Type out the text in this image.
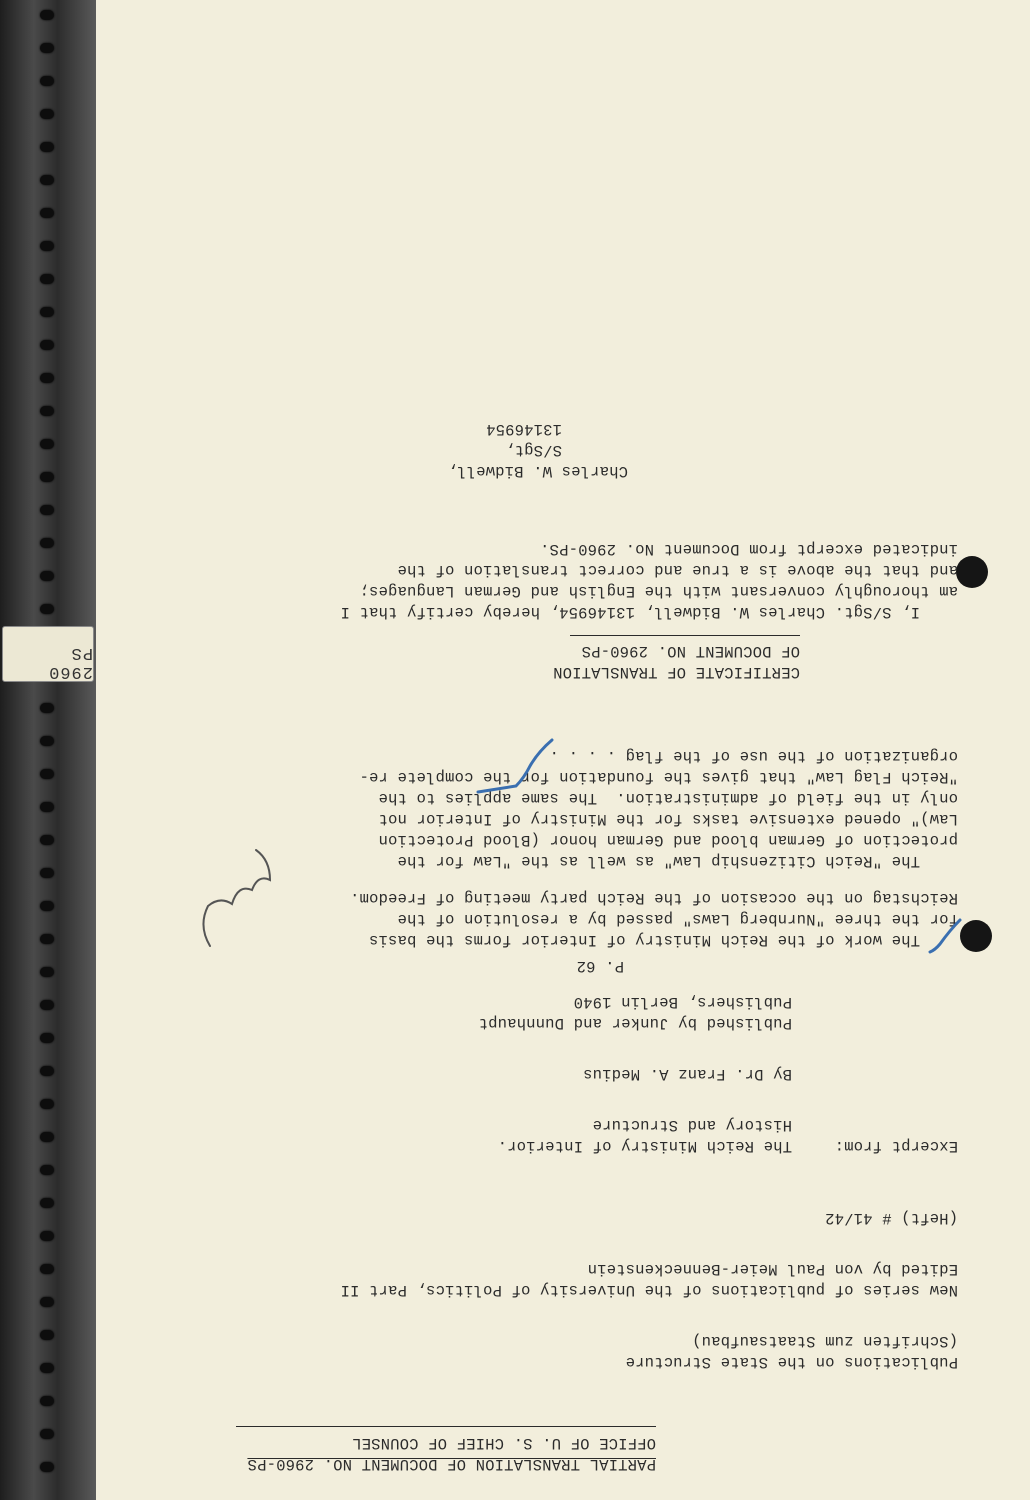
2960 PS

PARTIAL TRANSLATION OF DOCUMENT NO. 2960-PS

OFFICE OF U. S. CHIEF OF COUNSEL

Publications on the State Structure

(Schriften zum Staatsaufbau)

New series of publications of the University of Politics, Part II

Edited by von Paul Meier-Benneckenstein

(Heft) # 41/42

Excerpt from:

The Reich Ministry of Interior.

History and Structure

By Dr. Franz A. Medius

Published by Junker and Dunnhaupt

Publishers, Berlin 1940

P. 62

The work of the Reich Ministry of Interior forms the basis

for the three "Nurnberg Laws" passed by a resolution of the

Reichstag on the occasion of the Reich party meeting of Freedom.

The "Reich Citizenship Law" as well as the "Law for the

protection of German blood and German honor (Blood Protection

Law)" opened extensive tasks for the Ministry of Interior not

only in the field of administration.  The same applies to the

"Reich Flag Law" that gives the foundation for the complete re-

organization of the use of the flag . . . .

CERTIFICATE OF TRANSLATION

OF DOCUMENT NO. 2960-PS

I, S/Sgt. Charles W. Bidwell, 13146954, hereby certify that I

am thoroughly conversant with the English and German Languages;

and that the above is a true and correct translation of the

indicated excerpt from Document No. 2960-PS.

Charles W. Bidwell,

S/Sgt,

13146954
